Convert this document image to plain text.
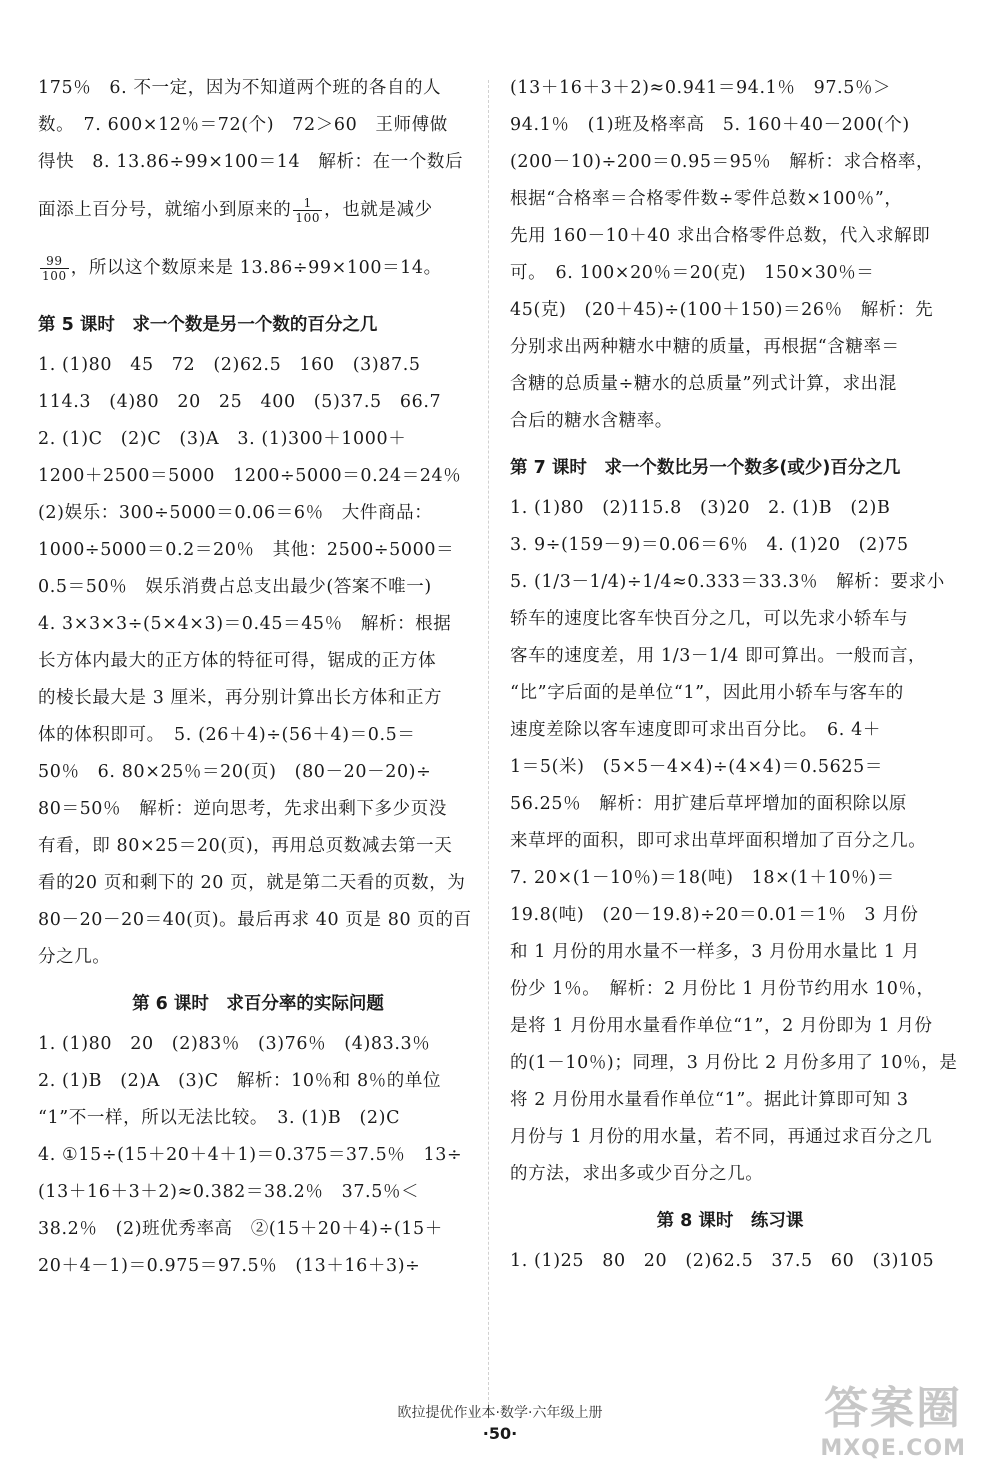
175％　6. 不一定，因为不知道两个班的各自的人
数。　7. 600×12％＝72(个)　72＞60　王师傅做
得快　8. 13.86÷99×100＝14　解析：在一个数后
面添上百分号，就缩小到原来的 $\frac{1}{100}$ ，也就是减少
$\frac{99}{100}$ ，所以这个数原来是 13.86÷99×100＝14。
第 5 课时　求一个数是另一个数的百分之几
1. (1)80　45　72　(2)62.5　160　(3)87.5
114.3　(4)80　20　25　400　(5)37.5　66.7
2. (1)C　(2)C　(3)A　3. (1)300＋1000＋
1200＋2500＝5000　1200÷5000＝0.24＝24％
(2)娱乐：300÷5000＝0.06＝6％　大件商品：
1000÷5000＝0.2＝20％　其他：2500÷5000＝
0.5＝50％　娱乐消费占总支出最少(答案不唯一)
4. 3×3×3÷(5×4×3)＝0.45＝45％　解析：根据
长方体内最大的正方体的特征可得，锯成的正方体
的棱长最大是 3 厘米，再分别计算出长方体和正方
体的体积即可。　5. (26＋4)÷(56＋4)＝0.5＝
50％　6. 80×25％＝20(页)　(80－20－20)÷
80＝50％　解析：逆向思考，先求出剩下多少页没
有看，即 80×25＝20(页)，再用总页数减去第一天
看的20 页和剩下的 20 页，就是第二天看的页数，为
80－20－20＝40(页)。最后再求 40 页是 80 页的百
分之几。
第 6 课时　求百分率的实际问题
1. (1)80　20　(2)83％　(3)76％　(4)83.3％
2. (1)B　(2)A　(3)C　解析：10％和 8％的单位
“1”不一样，所以无法比较。　3. (1)B　(2)C
4. ①15÷(15＋20＋4＋1)＝0.375＝37.5％　13÷
(13＋16＋3＋2)≈0.382＝38.2％　37.5％＜
38.2％　(2)班优秀率高　②(15＋20＋4)÷(15＋
20＋4－1)＝0.975＝97.5％　(13＋16＋3)÷
(13＋16＋3＋2)≈0.941＝94.1％　97.5％＞
94.1％　(1)班及格率高　5. 160＋40－200(个)
(200－10)÷200＝0.95＝95％　解析：求合格率，
根据“合格率＝合格零件数÷零件总数×100％”，
先用 160－10＋40 求出合格零件总数，代入求解即
可。　6. 100×20％＝20(克)　150×30％＝
45(克)　(20＋45)÷(100＋150)＝26％　解析：先
分别求出两种糖水中糖的质量，再根据“含糖率＝
含糖的总质量÷糖水的总质量”列式计算，求出混
合后的糖水含糖率。
第 7 课时　求一个数比另一个数多(或少)百分之几
1. (1)80　(2)115.8　(3)20　2. (1)B　(2)B
3. 9÷(159－9)＝0.06＝6％　4. (1)20　(2)75
5. (1/3－1/4)÷1/4≈0.333＝33.3％　解析：要求小
轿车的速度比客车快百分之几，可以先求小轿车与
客车的速度差，用 1/3－1/4 即可算出。一般而言，
“比”字后面的是单位“1”，因此用小轿车与客车的
速度差除以客车速度即可求出百分比。　6. 4＋
1＝5(米)　(5×5－4×4)÷(4×4)＝0.5625＝
56.25％　解析：用扩建后草坪增加的面积除以原
来草坪的面积，即可求出草坪面积增加了百分之几。
7. 20×(1－10％)＝18(吨)　18×(1＋10％)＝
19.8(吨)　(20－19.8)÷20＝0.01＝1％　3 月份
和 1 月份的用水量不一样多，3 月份用水量比 1 月
份少 1％。　解析：2 月份比 1 月份节约用水 10％，
是将 1 月份用水量看作单位“1”，2 月份即为 1 月份
的(1－10％)；同理，3 月份比 2 月份多用了 10％，是
将 2 月份用水量看作单位“1”。据此计算即可知 3
月份与 1 月份的用水量，若不同，再通过求百分之几
的方法，求出多或少百分之几。
第 8 课时　练习课
1. (1)25　80　20　(2)62.5　37.5　60　(3)105
欧拉提优作业本·数学·六年级上册
·50·	答案圈
MXQE.COM
